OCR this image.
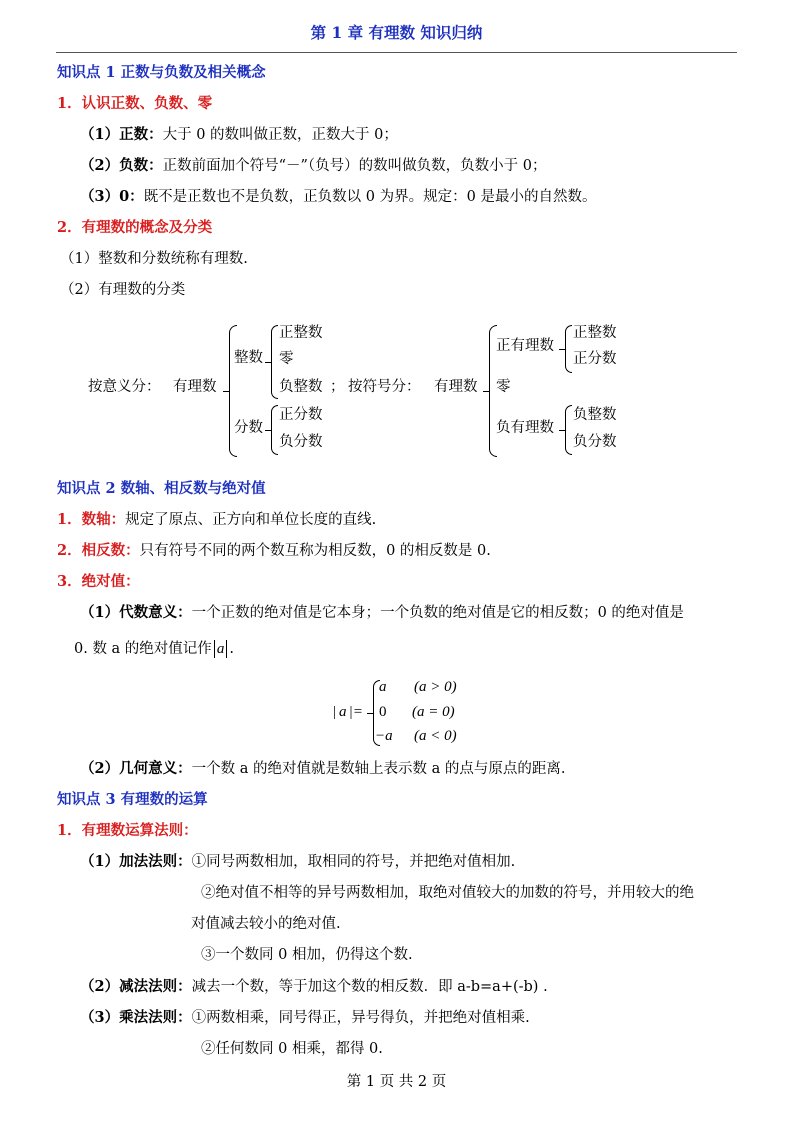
第 1 章 有理数 知识归纳
知识点 1 正数与负数及相关概念
1．认识正数、负数、零
（1）正数：大于 0 的数叫做正数，正数大于 0；
（2）负数：正数前面加个符号“－”（负号）的数叫做负数，负数小于 0；
（3）0：既不是正数也不是负数，正负数以 0 为界。规定：0 是最小的自然数。
2．有理数的概念及分类
（1）整数和分数统称有理数.
（2）有理数的分类
按意义分： 有理数
整数
正整数
零
负整数 ；
分数
正分数
负分数
按符号分： 有理数
正有理数
正整数
正分数
零
负有理数
负整数
负分数
知识点 2 数轴、相反数与绝对值
1．数轴：规定了原点、正方向和单位长度的直线.
2．相反数：只有符号不同的两个数互称为相反数，0 的相反数是 0.
3．绝对值：
（1）代数意义：一个正数的绝对值是它本身；一个负数的绝对值是它的相反数；0 的绝对值是
0. 数 a 的绝对值记作 a .
| a | =
a (a > 0)
0 (a = 0)
−a (a < 0)
（2）几何意义：一个数 a 的绝对值就是数轴上表示数 a 的点与原点的距离.
知识点 3 有理数的运算
1．有理数运算法则：
（1）加法法则：①同号两数相加，取相同的符号，并把绝对值相加.
②绝对值不相等的异号两数相加，取绝对值较大的加数的符号，并用较大的绝
对值减去较小的绝对值.
③一个数同 0 相加，仍得这个数.
（2）减法法则：减去一个数，等于加这个数的相反数．即 a-b=a+(-b) .
（3）乘法法则：①两数相乘，同号得正，异号得负，并把绝对值相乘.
②任何数同 0 相乘，都得 0.
第 1 页 共 2 页
